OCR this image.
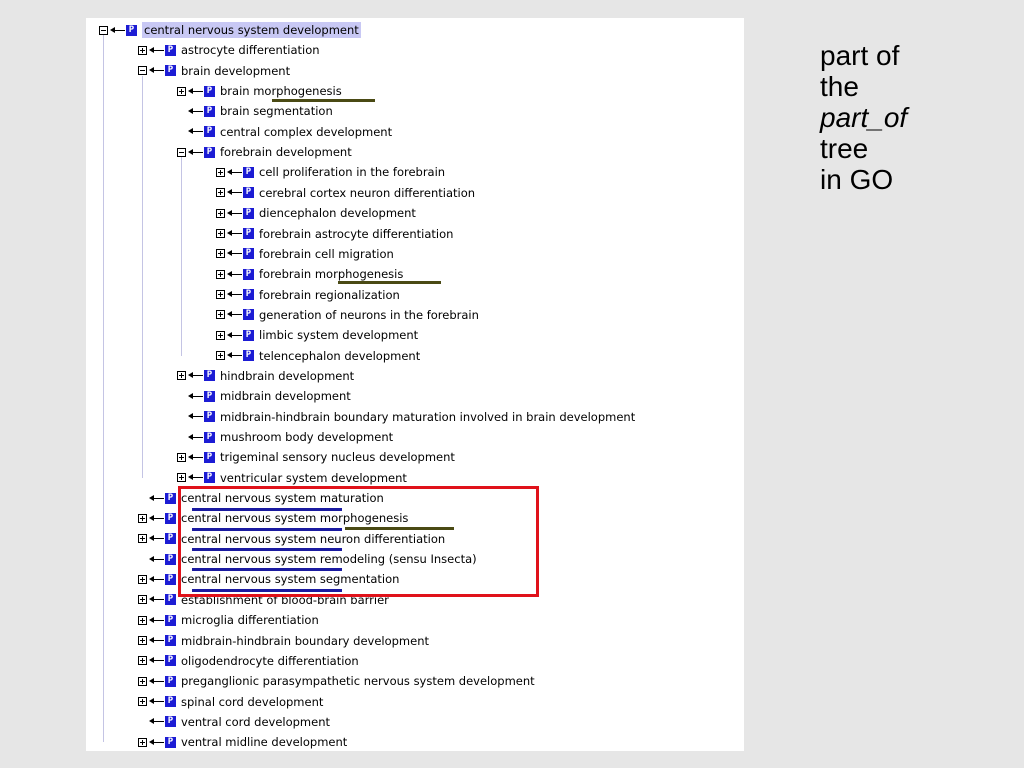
P central nervous system development
P astrocyte differentiation
P brain development
P brain morphogenesis
P brain segmentation
P central complex development
P forebrain development
P cell proliferation in the forebrain
P cerebral cortex neuron differentiation
P diencephalon development
P forebrain astrocyte differentiation
P forebrain cell migration
P forebrain morphogenesis
P forebrain regionalization
P generation of neurons in the forebrain
P limbic system development
P telencephalon development
P hindbrain development
P midbrain development
P midbrain-hindbrain boundary maturation involved in brain development
P mushroom body development
P trigeminal sensory nucleus development
P ventricular system development
P central nervous system maturation
P central nervous system morphogenesis
P central nervous system neuron differentiation
P central nervous system remodeling (sensu Insecta)
P central nervous system segmentation
P establishment of blood-brain barrier
P microglia differentiation
P midbrain-hindbrain boundary development
P oligodendrocyte differentiation
P preganglionic parasympathetic nervous system development
P spinal cord development
P ventral cord development
P ventral midline development
part of
the
part_of
tree
in GO
